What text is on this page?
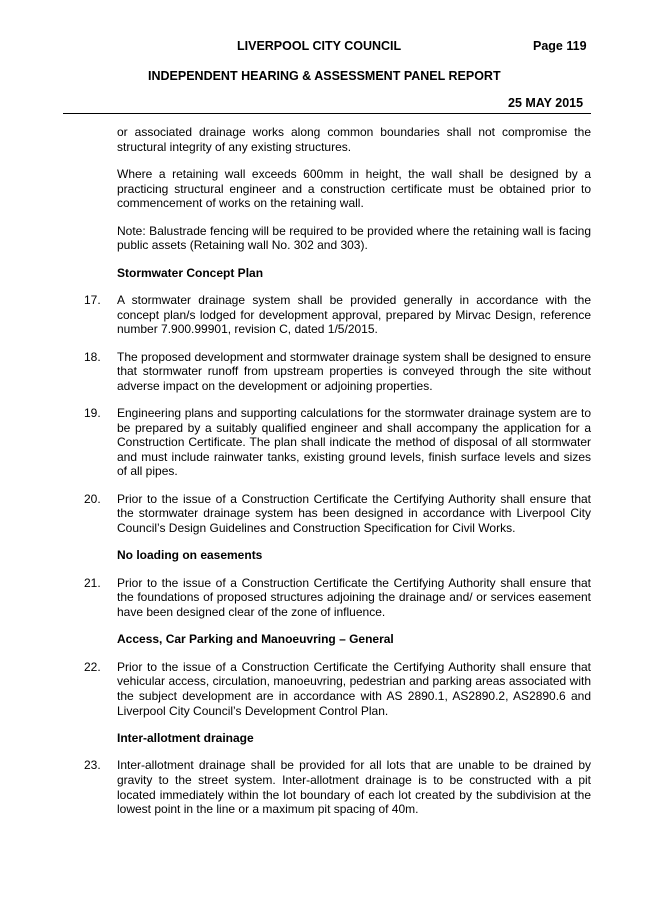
LIVERPOOL CITY COUNCIL	Page 119
INDEPENDENT HEARING & ASSESSMENT PANEL REPORT
25 MAY 2015

or associated drainage works along common boundaries shall not compromise the structural integrity of any existing structures.

Where a retaining wall exceeds 600mm in height, the wall shall be designed by a practicing structural engineer and a construction certificate must be obtained prior to commencement of works on the retaining wall.

Note: Balustrade fencing will be required to be provided where the retaining wall is facing public assets (Retaining wall No. 302 and 303).

Stormwater Concept Plan
17. A stormwater drainage system shall be provided generally in accordance with the concept plan/s lodged for development approval, prepared by Mirvac Design, reference number 7.900.99901, revision C, dated 1/5/2015.
18. The proposed development and stormwater drainage system shall be designed to ensure that stormwater runoff from upstream properties is conveyed through the site without adverse impact on the development or adjoining properties.
19. Engineering plans and supporting calculations for the stormwater drainage system are to be prepared by a suitably qualified engineer and shall accompany the application for a Construction Certificate. The plan shall indicate the method of disposal of all stormwater and must include rainwater tanks, existing ground levels, finish surface levels and sizes of all pipes.
20. Prior to the issue of a Construction Certificate the Certifying Authority shall ensure that the stormwater drainage system has been designed in accordance with Liverpool City Council’s Design Guidelines and Construction Specification for Civil Works.
No loading on easements
21. Prior to the issue of a Construction Certificate the Certifying Authority shall ensure that the foundations of proposed structures adjoining the drainage and/ or services easement have been designed clear of the zone of influence.
Access, Car Parking and Manoeuvring – General
22. Prior to the issue of a Construction Certificate the Certifying Authority shall ensure that vehicular access, circulation, manoeuvring, pedestrian and parking areas associated with the subject development are in accordance with AS 2890.1, AS2890.2, AS2890.6 and Liverpool City Council’s Development Control Plan.
Inter-allotment drainage
23. Inter-allotment drainage shall be provided for all lots that are unable to be drained by gravity to the street system. Inter-allotment drainage is to be constructed with a pit located immediately within the lot boundary of each lot created by the subdivision at the lowest point in the line or a maximum pit spacing of 40m.
